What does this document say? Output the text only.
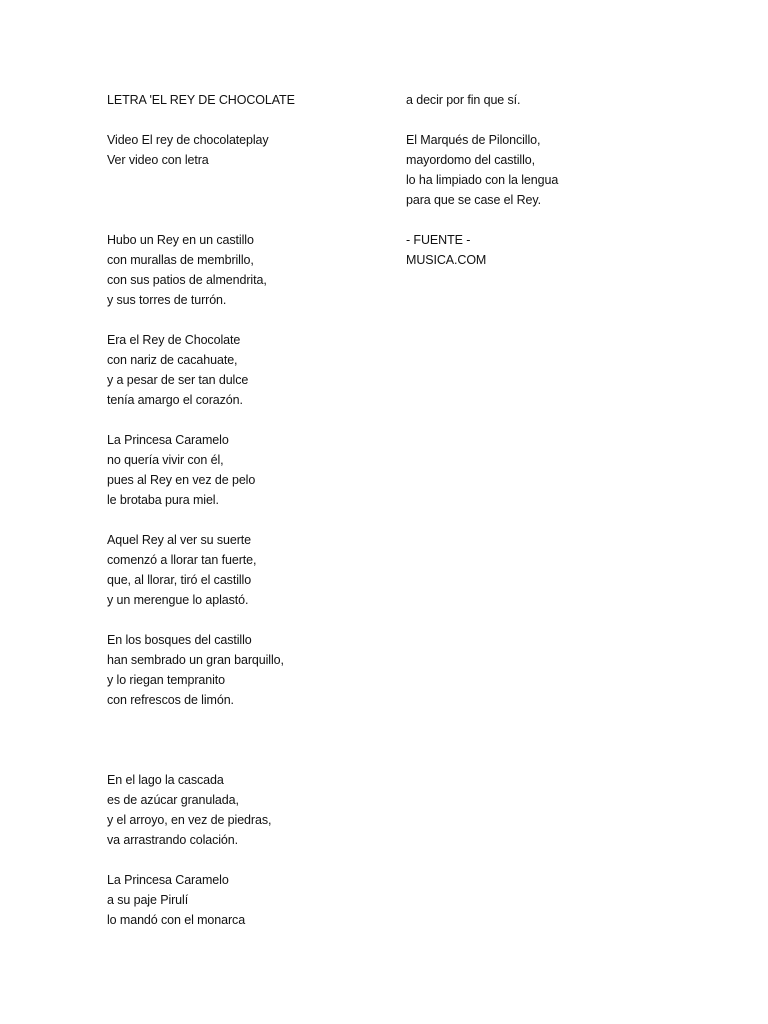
LETRA 'EL REY DE CHOCOLATE
Video El rey de chocolateplay
Ver video con letra
Hubo un Rey en un castillo
con murallas de membrillo,
con sus patios de almendrita,
y sus torres de turrón.
Era el Rey de Chocolate
con nariz de cacahuate,
y a pesar de ser tan dulce
tenía amargo el corazón.
La Princesa Caramelo
no quería vivir con él,
pues al Rey en vez de pelo
le brotaba pura miel.
Aquel Rey al ver su suerte
comenzó a llorar tan fuerte,
que, al llorar, tiró el castillo
y un merengue lo aplastó.
En los bosques del castillo
han sembrado un gran barquillo,
y lo riegan tempranito
con refrescos de limón.
En el lago la cascada
es de azúcar granulada,
y el arroyo, en vez de piedras,
va arrastrando colación.
La Princesa Caramelo
a su paje Pirulí
lo mandó con el monarca
a decir por fin que sí.
El Marqués de Piloncillo,
mayordomo del castillo,
lo ha limpiado con la lengua
para que se case el Rey.
- FUENTE -
MUSICA.COM
